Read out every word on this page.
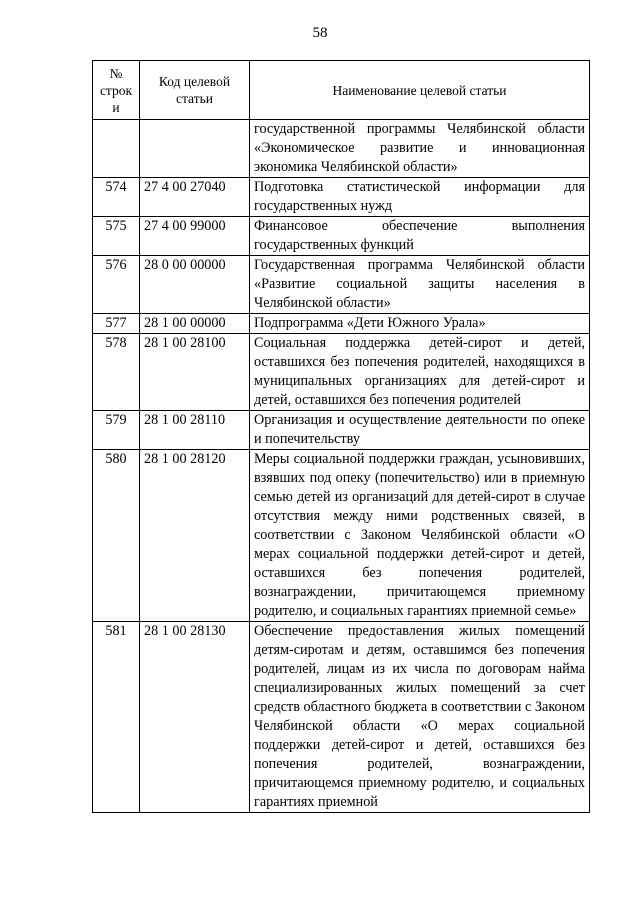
58
№ строк и	Код целевой статьи	Наименование целевой статьи
		государственной программы Челябинской области «Экономическое развитие и инновационная экономика Челябинской области»
574	27 4 00 27040	Подготовка статистической информации для государственных нужд
575	27 4 00 99000	Финансовое обеспечение выполнения государственных функций
576	28 0 00 00000	Государственная программа Челябинской области «Развитие социальной защиты населения в Челябинской области»
577	28 1 00 00000	Подпрограмма «Дети Южного Урала»
578	28 1 00 28100	Социальная поддержка детей-сирот и детей, оставшихся без попечения родителей, находящихся в муниципальных организациях для детей-сирот и детей, оставшихся без попечения родителей
579	28 1 00 28110	Организация и осуществление деятельности по опеке и попечительству
580	28 1 00 28120	Меры социальной поддержки граждан, усыновивших, взявших под опеку (попечительство) или в приемную семью детей из организаций для детей-сирот в случае отсутствия между ними родственных связей, в соответствии с Законом Челябинской области «О мерах социальной поддержки детей-сирот и детей, оставшихся без попечения родителей, вознаграждении, причитающемся приемному родителю, и социальных гарантиях приемной семье»
581	28 1 00 28130	Обеспечение предоставления жилых помещений детям-сиротам и детям, оставшимся без попечения родителей, лицам из их числа по договорам найма специализированных жилых помещений за счет средств областного бюджета в соответствии с Законом Челябинской области «О мерах социальной поддержки детей-сирот и детей, оставшихся без попечения родителей, вознаграждении, причитающемся приемному родителю, и социальных гарантиях приемной
